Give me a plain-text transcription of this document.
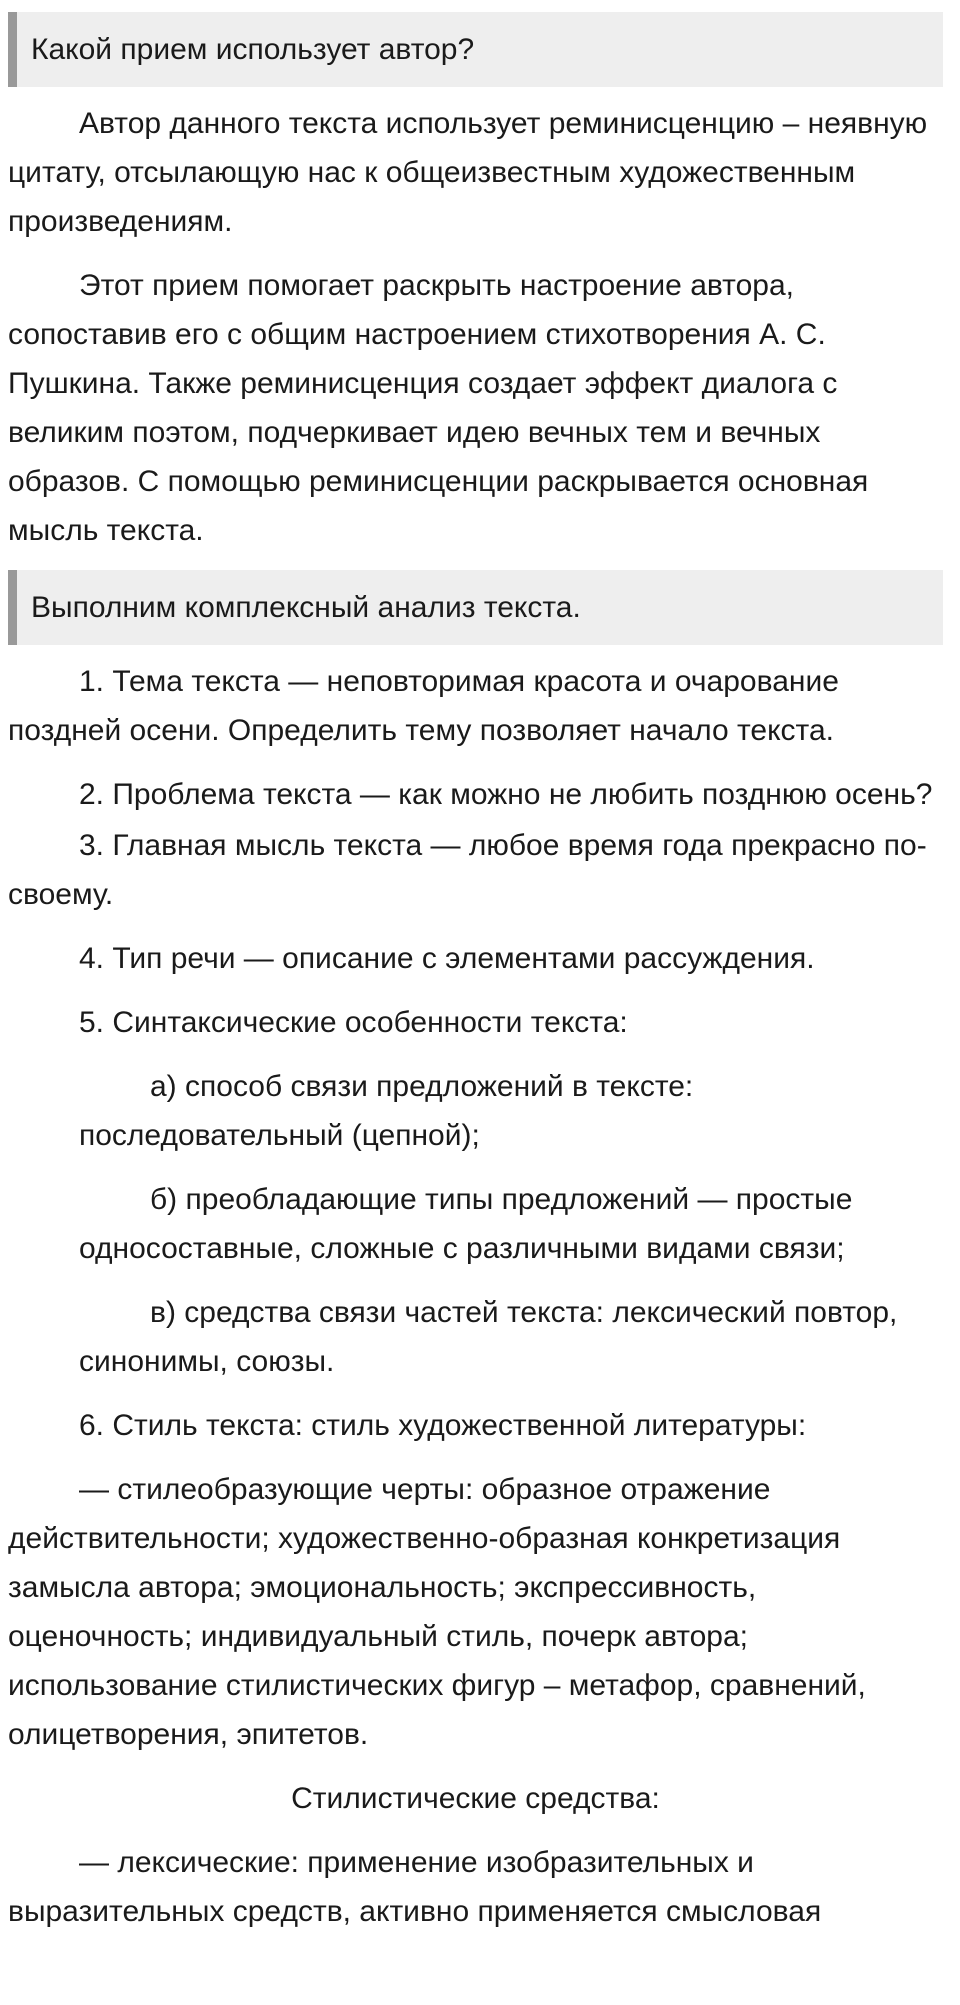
Какой прием использует автор?

Автор данного текста использует реминисценцию – неявную цитату, отсылающую нас к общеизвестным художественным произведениям.

Этот прием помогает раскрыть настроение автора, сопоставив его с общим настроением стихотворения А. С. Пушкина. Также реминисценция создает эффект диалога с великим поэтом, подчеркивает идею вечных тем и вечных образов. С помощью реминисценции раскрывается основная мысль текста.

Выполним комплексный анализ текста.

1. Тема текста — неповторимая красота и очарование поздней осени. Определить тему позволяет начало текста.

2. Проблема текста — как можно не любить позднюю осень?

3. Главная мысль текста — любое время года прекрасно по-своему.

4. Тип речи — описание с элементами рассуждения.

5. Синтаксические особенности текста:

а) способ связи предложений в тексте: последовательный (цепной);

б) преобладающие типы предложений — простые односоставные, сложные с различными видами связи;

в) средства связи частей текста: лексический повтор, синонимы, союзы.

6. Стиль текста: стиль художественной литературы:

— стилеобразующие черты: образное отражение действительности; художественно-образная конкретизация замысла автора; эмоциональность; экспрессивность, оценочность; индивидуальный стиль, почерк автора; использование стилистических фигур – метафор, сравнений, олицетворения, эпитетов.

Стилистические средства:

— лексические: применение изобразительных и выразительных средств, активно применяется смысловая
